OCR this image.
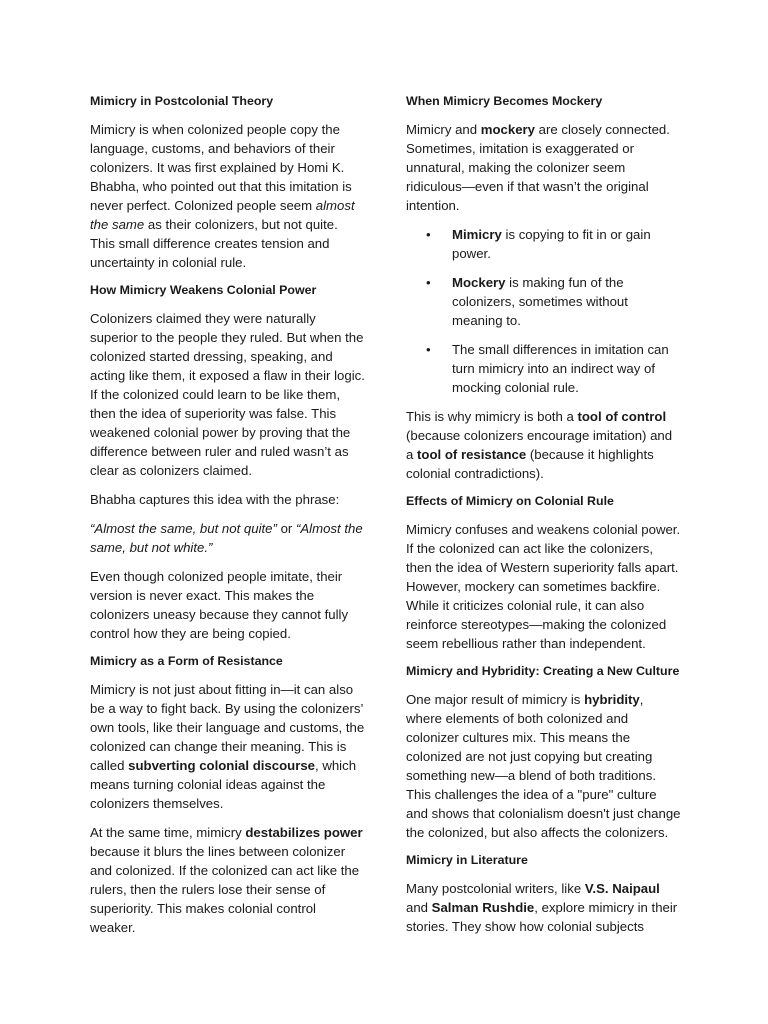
Mimicry in Postcolonial Theory

Mimicry is when colonized people copy the language, customs, and behaviors of their colonizers. It was first explained by Homi K. Bhabha, who pointed out that this imitation is never perfect. Colonized people seem almost the same as their colonizers, but not quite. This small difference creates tension and uncertainty in colonial rule.

How Mimicry Weakens Colonial Power

Colonizers claimed they were naturally superior to the people they ruled. But when the colonized started dressing, speaking, and acting like them, it exposed a flaw in their logic. If the colonized could learn to be like them, then the idea of superiority was false. This weakened colonial power by proving that the difference between ruler and ruled wasn’t as clear as colonizers claimed.

Bhabha captures this idea with the phrase:

“Almost the same, but not quite” or “Almost the same, but not white.”

Even though colonized people imitate, their version is never exact. This makes the colonizers uneasy because they cannot fully control how they are being copied.

Mimicry as a Form of Resistance

Mimicry is not just about fitting in—it can also be a way to fight back. By using the colonizers’ own tools, like their language and customs, the colonized can change their meaning. This is called subverting colonial discourse, which means turning colonial ideas against the colonizers themselves.

At the same time, mimicry destabilizes power because it blurs the lines between colonizer and colonized. If the colonized can act like the rulers, then the rulers lose their sense of superiority. This makes colonial control weaker.

When Mimicry Becomes Mockery

Mimicry and mockery are closely connected. Sometimes, imitation is exaggerated or unnatural, making the colonizer seem ridiculous—even if that wasn’t the original intention.

• Mimicry is copying to fit in or gain power.
• Mockery is making fun of the colonizers, sometimes without meaning to.
• The small differences in imitation can turn mimicry into an indirect way of mocking colonial rule.

This is why mimicry is both a tool of control (because colonizers encourage imitation) and a tool of resistance (because it highlights colonial contradictions).

Effects of Mimicry on Colonial Rule

Mimicry confuses and weakens colonial power. If the colonized can act like the colonizers, then the idea of Western superiority falls apart. However, mockery can sometimes backfire. While it criticizes colonial rule, it can also reinforce stereotypes—making the colonized seem rebellious rather than independent.

Mimicry and Hybridity: Creating a New Culture

One major result of mimicry is hybridity, where elements of both colonized and colonizer cultures mix. This means the colonized are not just copying but creating something new—a blend of both traditions. This challenges the idea of a "pure" culture and shows that colonialism doesn't just change the colonized, but also affects the colonizers.

Mimicry in Literature

Many postcolonial writers, like V.S. Naipaul and Salman Rushdie, explore mimicry in their stories. They show how colonial subjects
